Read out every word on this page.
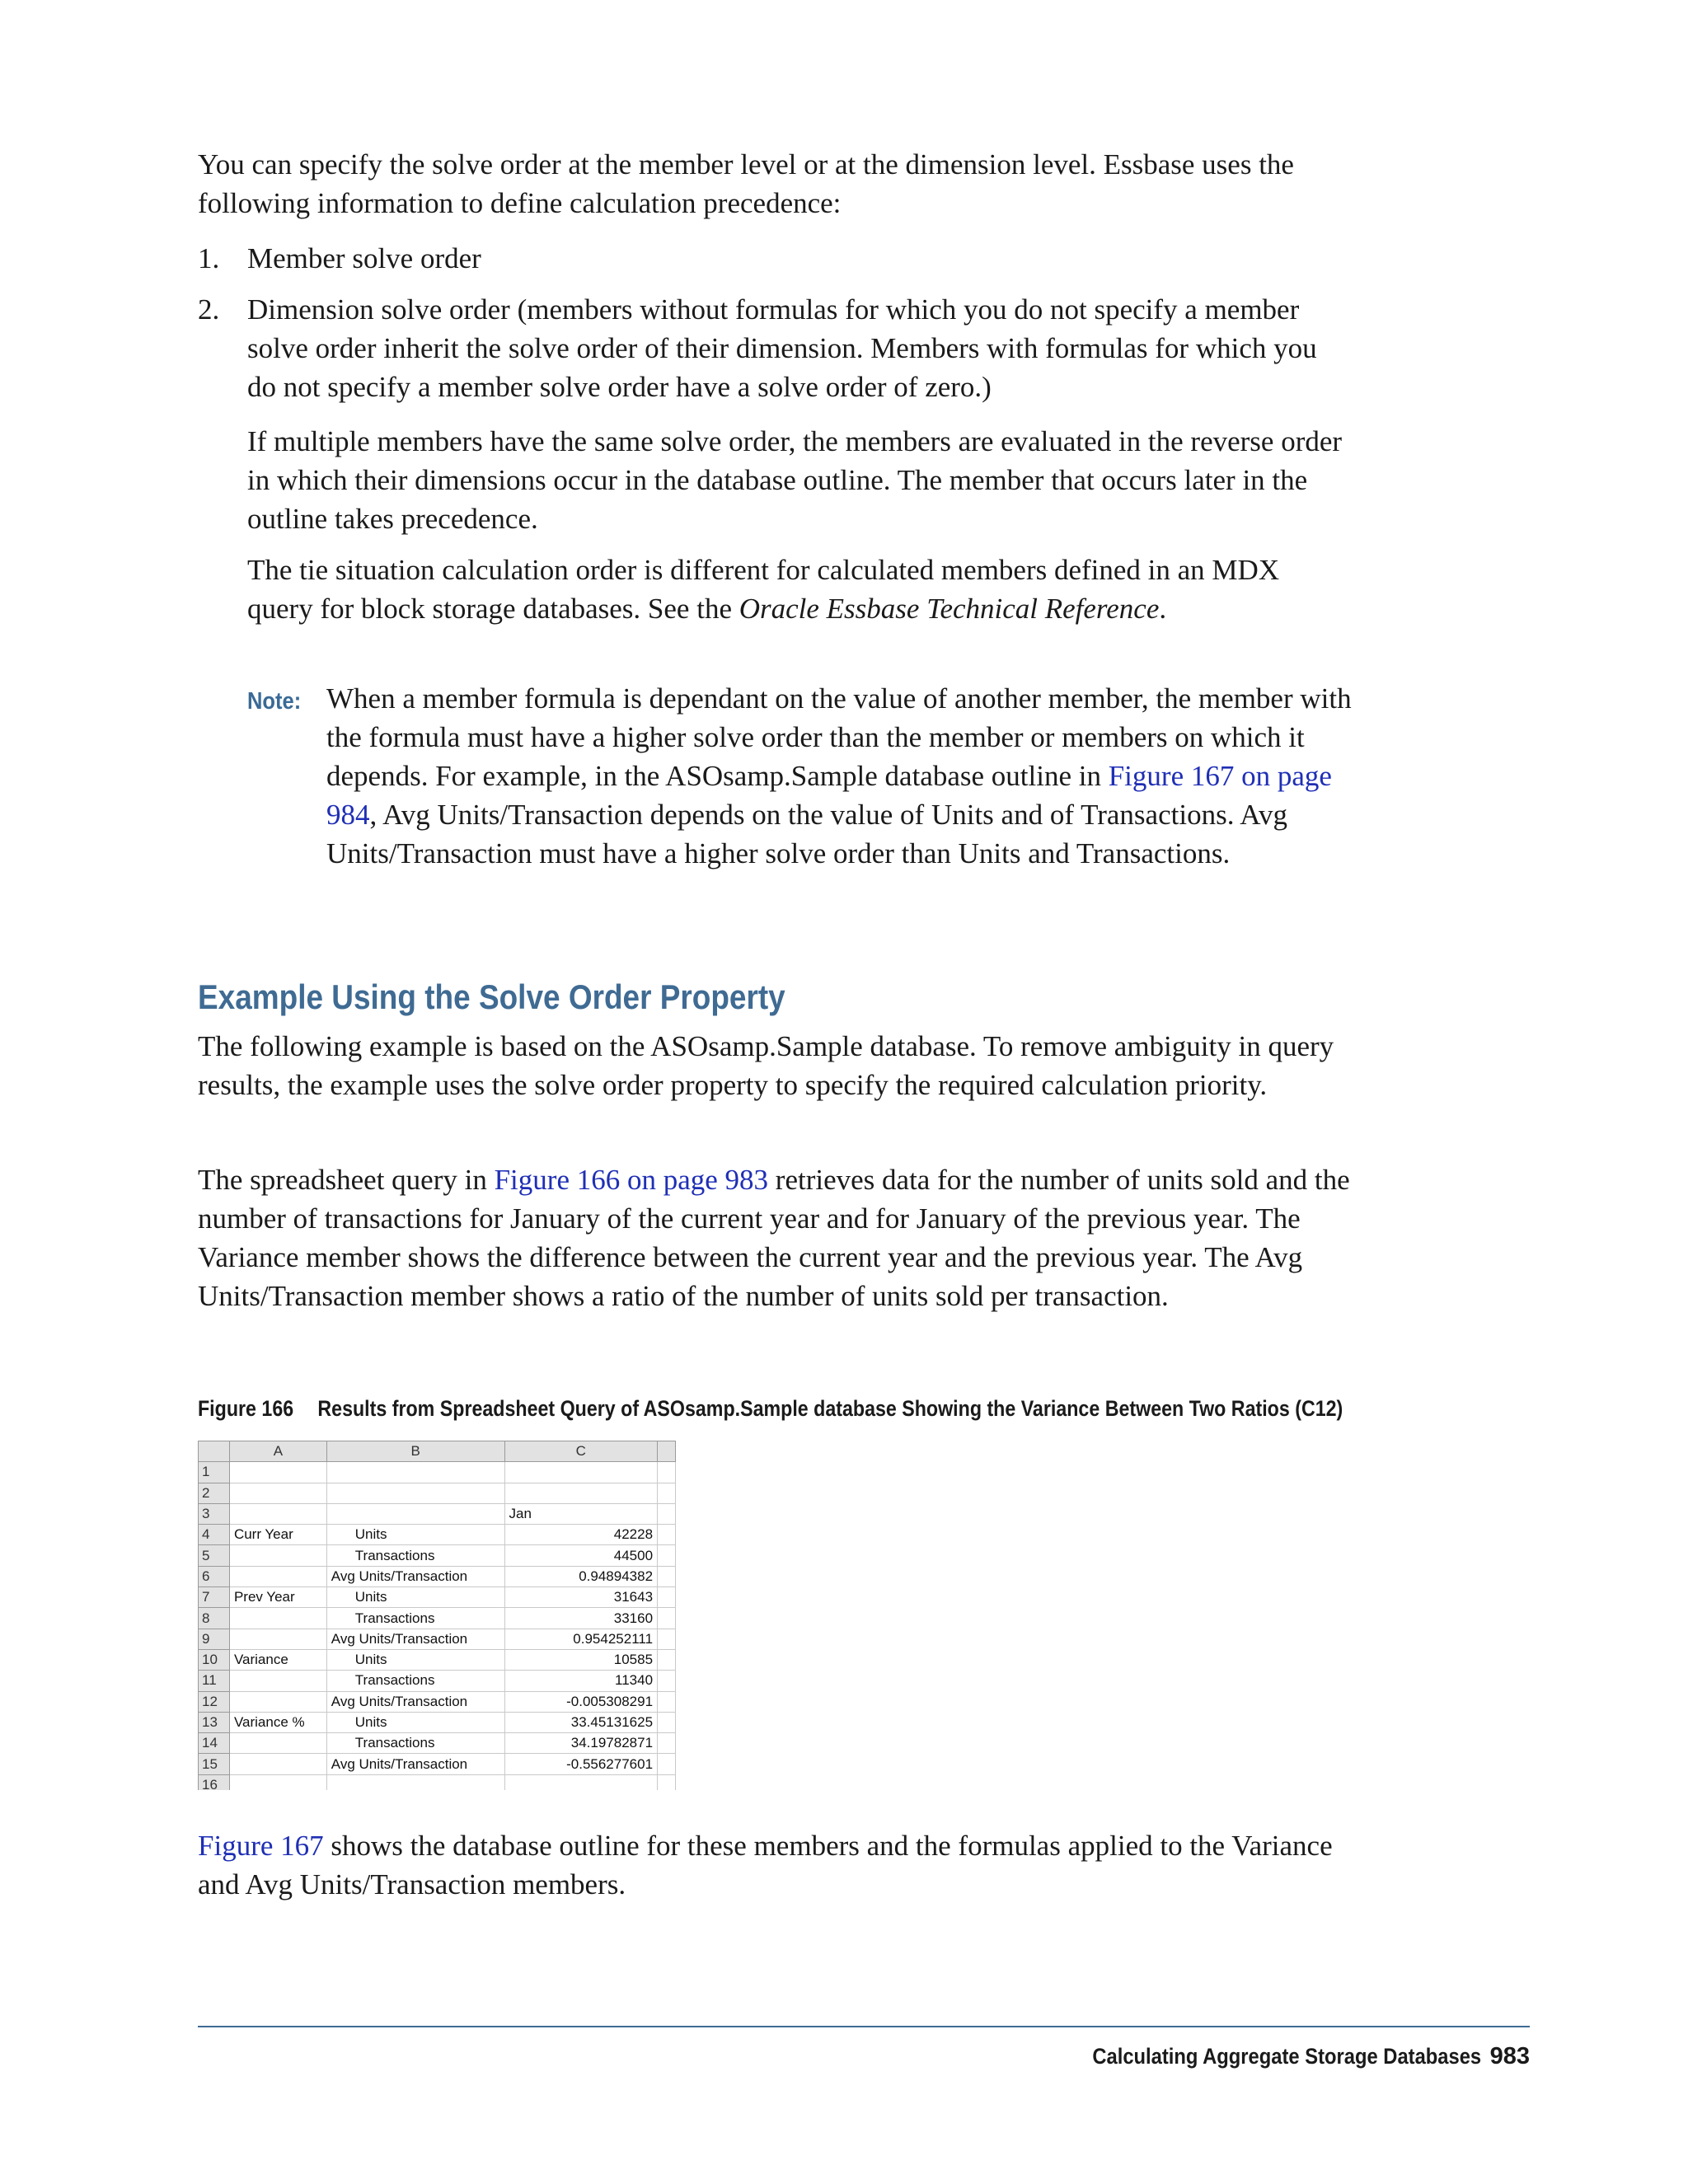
You can specify the solve order at the member level or at the dimension level. Essbase uses the following information to define calculation precedence:

1. Member solve order

2. Dimension solve order (members without formulas for which you do not specify a member solve order inherit the solve order of their dimension. Members with formulas for which you do not specify a member solve order have a solve order of zero.)

If multiple members have the same solve order, the members are evaluated in the reverse order in which their dimensions occur in the database outline. The member that occurs later in the outline takes precedence.

The tie situation calculation order is different for calculated members defined in an MDX query for block storage databases. See the Oracle Essbase Technical Reference.

Note: When a member formula is dependant on the value of another member, the member with the formula must have a higher solve order than the member or members on which it depends. For example, in the ASOsamp.Sample database outline in Figure 167 on page 984, Avg Units/Transaction depends on the value of Units and of Transactions. Avg Units/Transaction must have a higher solve order than Units and Transactions.

Example Using the Solve Order Property

The following example is based on the ASOsamp.Sample database. To remove ambiguity in query results, the example uses the solve order property to specify the required calculation priority.

The spreadsheet query in Figure 166 on page 983 retrieves data for the number of units sold and the number of transactions for January of the current year and for January of the previous year. The Variance member shows the difference between the current year and the previous year. The Avg Units/Transaction member shows a ratio of the number of units sold per transaction.

Figure 166 Results from Spreadsheet Query of ASOsamp.Sample database Showing the Variance Between Two Ratios (C12)
	A	B	C	
1				
2				
3			Jan	
4	Curr Year	Units	42228	
5		Transactions	44500	
6		Avg Units/Transaction	0.94894382	
7	Prev Year	Units	31643	
8		Transactions	33160	
9		Avg Units/Transaction	0.954252111	
10	Variance	Units	10585	
11		Transactions	11340	
12		Avg Units/Transaction	-0.005308291	
13	Variance %	Units	33.45131625	
14		Transactions	34.19782871	
15		Avg Units/Transaction	-0.556277601	
16				

Figure 167 shows the database outline for these members and the formulas applied to the Variance and Avg Units/Transaction members.

Calculating Aggregate Storage Databases 983
